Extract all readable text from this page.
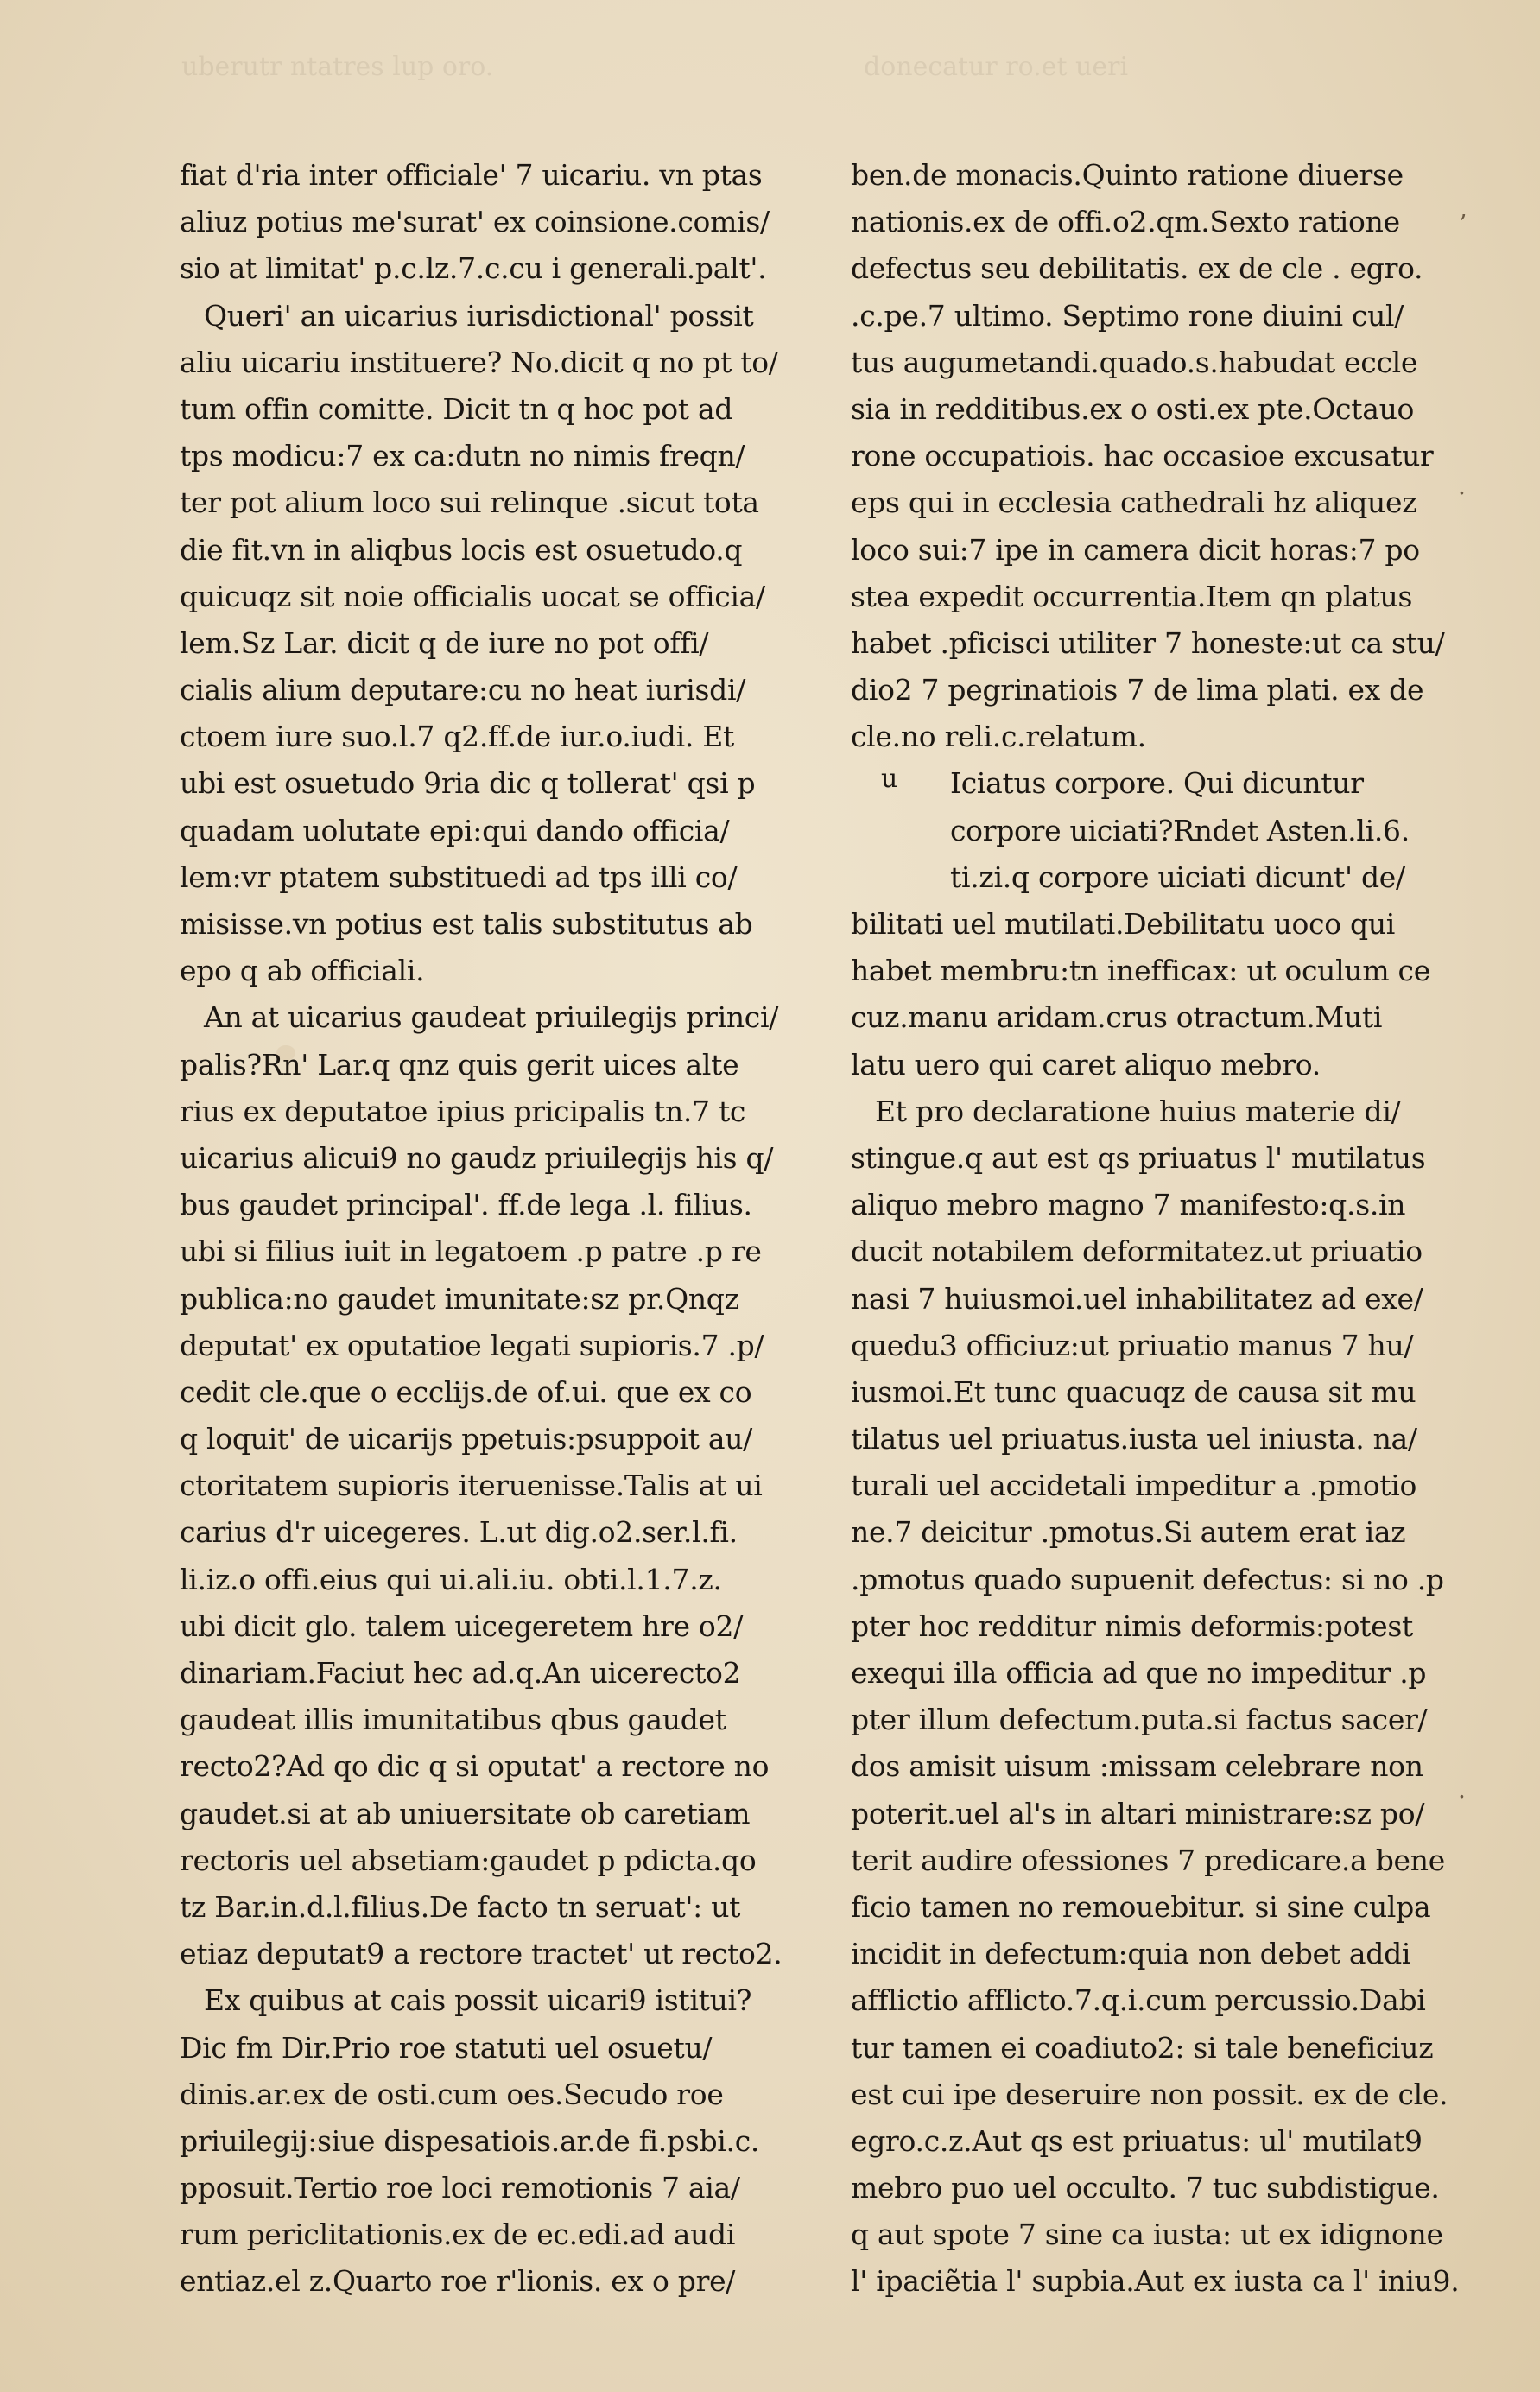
uberutr ntatres lup oro.	donecatur ro.et ueri
fiat d'ria inter officiale' 7 uicariu. vn ptas
aliuz potius me'surat' ex coinsione.comis/
sio at limitat' p.c.lz.7.c.cu i generali.palt'.
Queri' an uicarius iurisdictional' possit
aliu uicariu instituere? No.dicit q no pt to/
tum offin comitte. Dicit tn q hoc pot ad
tps modicu:7 ex ca:dutn no nimis freqn/
ter pot alium loco sui relinque .sicut tota
die fit.vn in aliqbus locis est osuetudo.q
quicuqz sit noie officialis uocat se officia/
lem.Sz Lar. dicit q de iure no pot offi/
cialis alium deputare:cu no heat iurisdi/
ctoem iure suo.l.7 q2.ff.de iur.o.iudi. Et
ubi est osuetudo 9ria dic q tollerat' qsi p
quadam uolutate epi:qui dando officia/
lem:vr ptatem substituedi ad tps illi co/
misisse.vn potius est talis substitutus ab
epo q ab officiali.
An at uicarius gaudeat priuilegijs princi/
palis?Rn' Lar.q qnz quis gerit uices alte
rius ex deputatoe ipius pricipalis tn.7 tc
uicarius alicui9 no gaudz priuilegijs his q/
bus gaudet principal'. ff.de lega .l. filius.
ubi si filius iuit in legatoem .p patre .p re
publica:no gaudet imunitate:sz pr.Qnqz
deputat' ex oputatioe legati supioris.7 .p/
cedit cle.que o ecclijs.de of.ui. que ex co
q loquit' de uicarijs ppetuis:psuppoit au/
ctoritatem supioris iteruenisse.Talis at ui
carius d'r uicegeres. L.ut dig.o2.ser.l.fi.
li.iz.o offi.eius qui ui.ali.iu. obti.l.1.7.z.
ubi dicit glo. talem uicegeretem hre o2/
dinariam.Faciut hec ad.q.An uicerecto2
gaudeat illis imunitatibus qbus gaudet
recto2?Ad qo dic q si oputat' a rectore no
gaudet.si at ab uniuersitate ob caretiam
rectoris uel absetiam:gaudet p pdicta.qo
tz Bar.in.d.l.filius.De facto tn seruat': ut
etiaz deputat9 a rectore tractet' ut recto2.
Ex quibus at cais possit uicari9 istitui?
Dic fm Dir.Prio roe statuti uel osuetu/
dinis.ar.ex de osti.cum oes.Secudo roe
priuilegij:siue dispesatiois.ar.de fi.psbi.c.
pposuit.Tertio roe loci remotionis 7 aia/
rum periclitationis.ex de ec.edi.ad audi
entiaz.el z.Quarto roe r'lionis. ex o pre/
ben.de monacis.Quinto ratione diuerse
nationis.ex de offi.o2.qm.Sexto ratione
defectus seu debilitatis. ex de cle . egro.
.c.pe.7 ultimo. Septimo rone diuini cul/
tus augumetandi.quado.s.habudat eccle
sia in redditibus.ex o osti.ex pte.Octauo
rone occupatiois. hac occasioe excusatur
eps qui in ecclesia cathedrali hz aliquez
loco sui:7 ipe in camera dicit horas:7 po
stea expedit occurrentia.Item qn platus
habet .pficisci utiliter 7 honeste:ut ca stu/
dio2 7 pegrinatiois 7 de lima plati. ex de
cle.no reli.c.relatum.
Iciatus corpore. Qui dicuntur
corpore uiciati?Rndet Asten.li.6.
ti.zi.q corpore uiciati dicunt' de/
bilitati uel mutilati.Debilitatu uoco qui
habet membru:tn inefficax: ut oculum ce
cuz.manu aridam.crus otractum.Muti
latu uero qui caret aliquo mebro.
Et pro declaratione huius materie di/
stingue.q aut est qs priuatus l' mutilatus
aliquo mebro magno 7 manifesto:q.s.in
ducit notabilem deformitatez.ut priuatio
nasi 7 huiusmoi.uel inhabilitatez ad exe/
quedu3 officiuz:ut priuatio manus 7 hu/
iusmoi.Et tunc quacuqz de causa sit mu
tilatus uel priuatus.iusta uel iniusta. na/
turali uel accidetali impeditur a .pmotio
ne.7 deicitur .pmotus.Si autem erat iaz
.pmotus quado supuenit defectus: si no .p
pter hoc redditur nimis deformis:potest
exequi illa officia ad que no impeditur .p
pter illum defectum.puta.si factus sacer/
dos amisit uisum :missam celebrare non
poterit.uel al's in altari ministrare:sz po/
terit audire ofessiones 7 predicare.a bene
ficio tamen no remouebitur. si sine culpa
incidit in defectum:quia non debet addi
afflictio afflicto.7.q.i.cum percussio.Dabi
tur tamen ei coadiuto2: si tale beneficiuz
est cui ipe deseruire non possit. ex de cle.
egro.c.z.Aut qs est priuatus: ul' mutilat9
mebro puo uel occulto. 7 tuc subdistigue.
q aut spote 7 sine ca iusta: ut ex idignone
l' ipaciẽtia l' supbia.Aut ex iusta ca l' iniu9.
u
,
.
.
